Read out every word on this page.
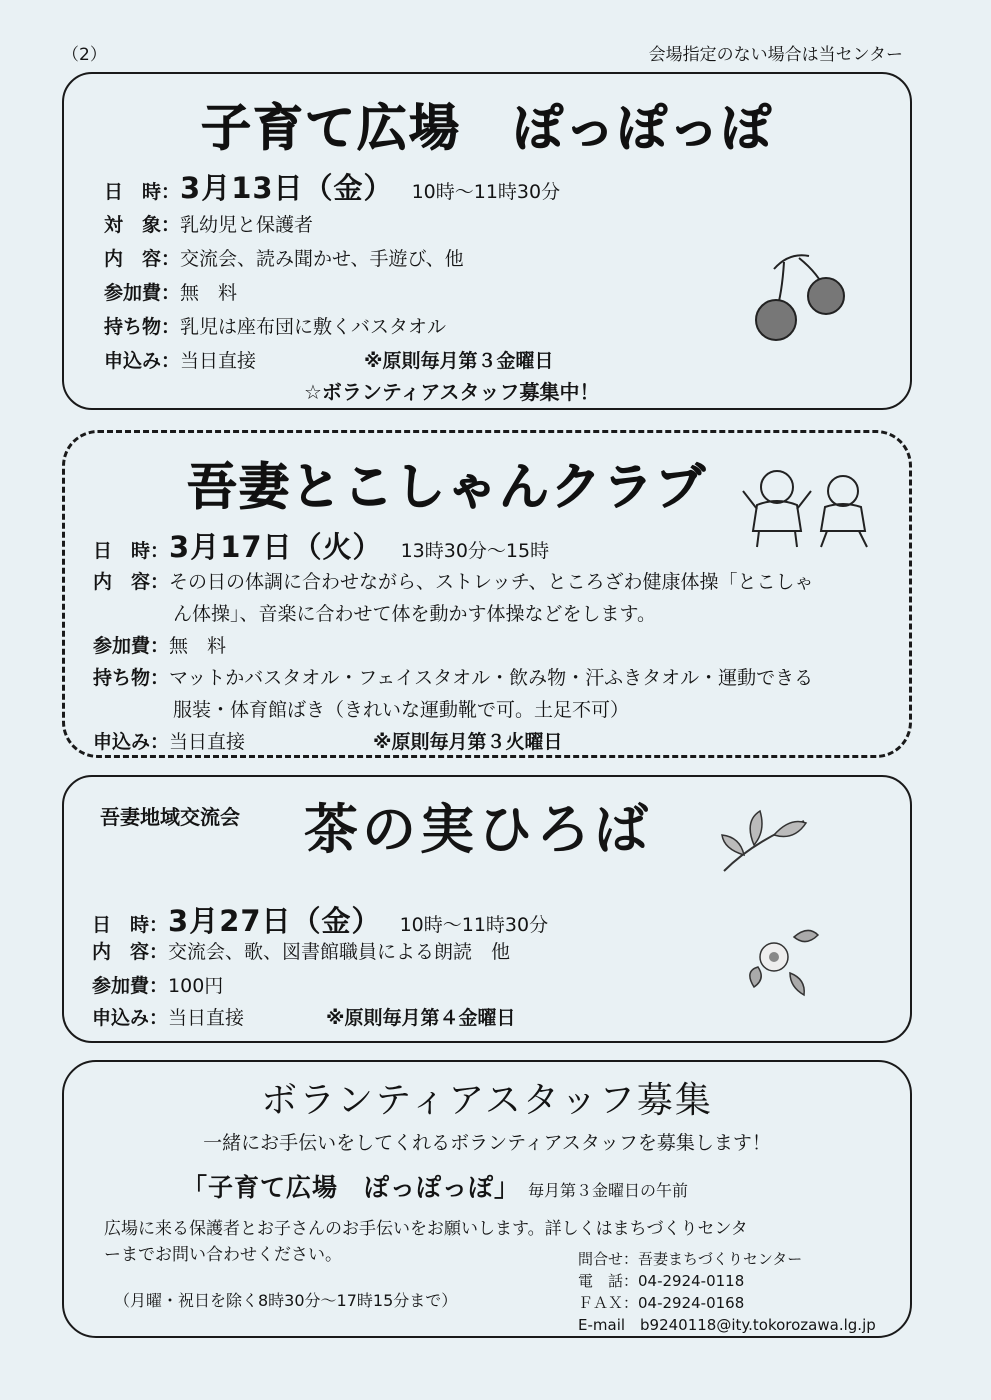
（2）	会場指定のない場合は当センター
子育て広場　ぽっぽっぽ
日　時：3月13日（金） 10時～11時30分
対　象：乳幼児と保護者
内　容：交流会、読み聞かせ、手遊び、他
参加費：無　料
持ち物：乳児は座布団に敷くバスタオル
申込み：当日直接	※原則毎月第３金曜日
☆ボランティアスタッフ募集中！
吾妻とこしゃんクラブ
日　時：3月17日（火） 13時30分～15時
内　容：その日の体調に合わせながら、ストレッチ、ところざわ健康体操「とこしゃ
ん体操」、音楽に合わせて体を動かす体操などをします。
参加費：無　料
持ち物：マットかバスタオル・フェイスタオル・飲み物・汗ふきタオル・運動できる
服装・体育館ばき（きれいな運動靴で可。土足不可）
申込み：当日直接	※原則毎月第３火曜日
吾妻地域交流会 茶の実ひろば
日　時：3月27日（金） 10時～11時30分
内　容：交流会、歌、図書館職員による朗読　他
参加費：100円
申込み：当日直接	※原則毎月第４金曜日
ボランティアスタッフ募集
一緒にお手伝いをしてくれるボランティアスタッフを募集します！
「子育て広場　ぽっぽっぽ」 毎月第３金曜日の午前
広場に来る保護者とお子さんのお手伝いをお願いします。詳しくはまちづくりセンタ
ーまでお問い合わせください。
（月曜・祝日を除く8時30分～17時15分まで）
問合せ：吾妻まちづくりセンター
電　話：04-2924-0118
ＦＡＸ：04-2924-0168
E-mail　b9240118@ity.tokorozawa.lg.jp
